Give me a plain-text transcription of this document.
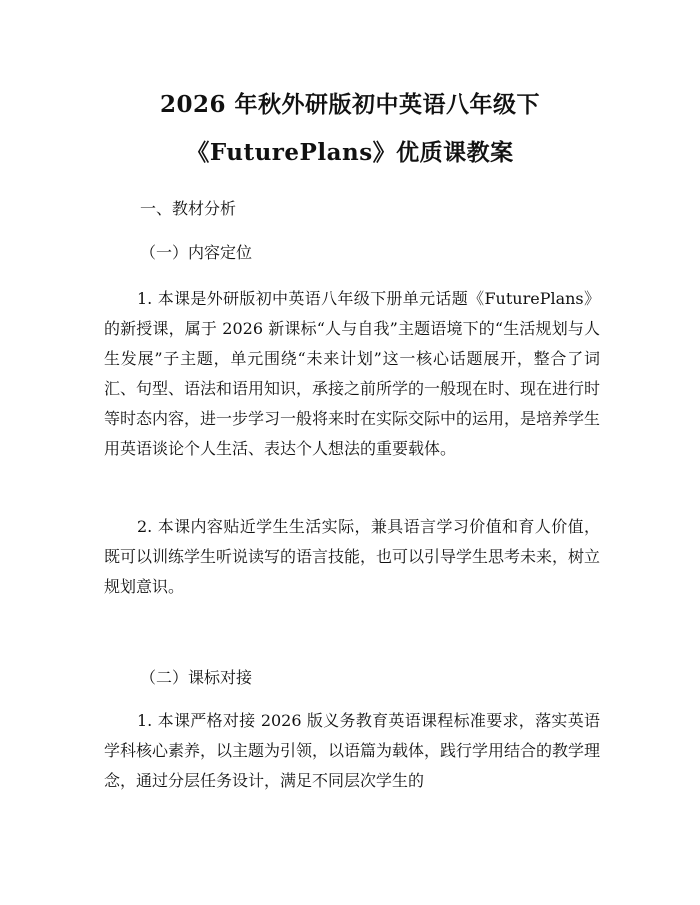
2026 年秋外研版初中英语八年级下
《FuturePlans》优质课教案
一、教材分析
（一）内容定位

1. 本课是外研版初中英语八年级下册单元话题《FuturePlans》的新授课，属于 2026 新课标“人与自我”主题语境下的“生活规划与人生发展”子主题，单元围绕“未来计划”这一核心话题展开，整合了词汇、句型、语法和语用知识，承接之前所学的一般现在时、现在进行时等时态内容，进一步学习一般将来时在实际交际中的运用，是培养学生用英语谈论个人生活、表达个人想法的重要载体。

2. 本课内容贴近学生生活实际，兼具语言学习价值和育人价值，既可以训练学生听说读写的语言技能，也可以引导学生思考未来，树立规划意识。

（二）课标对接

1. 本课严格对接 2026 版义务教育英语课程标准要求，落实英语学科核心素养，以主题为引领，以语篇为载体，践行学用结合的教学理念，通过分层任务设计，满足不同层次学生的
